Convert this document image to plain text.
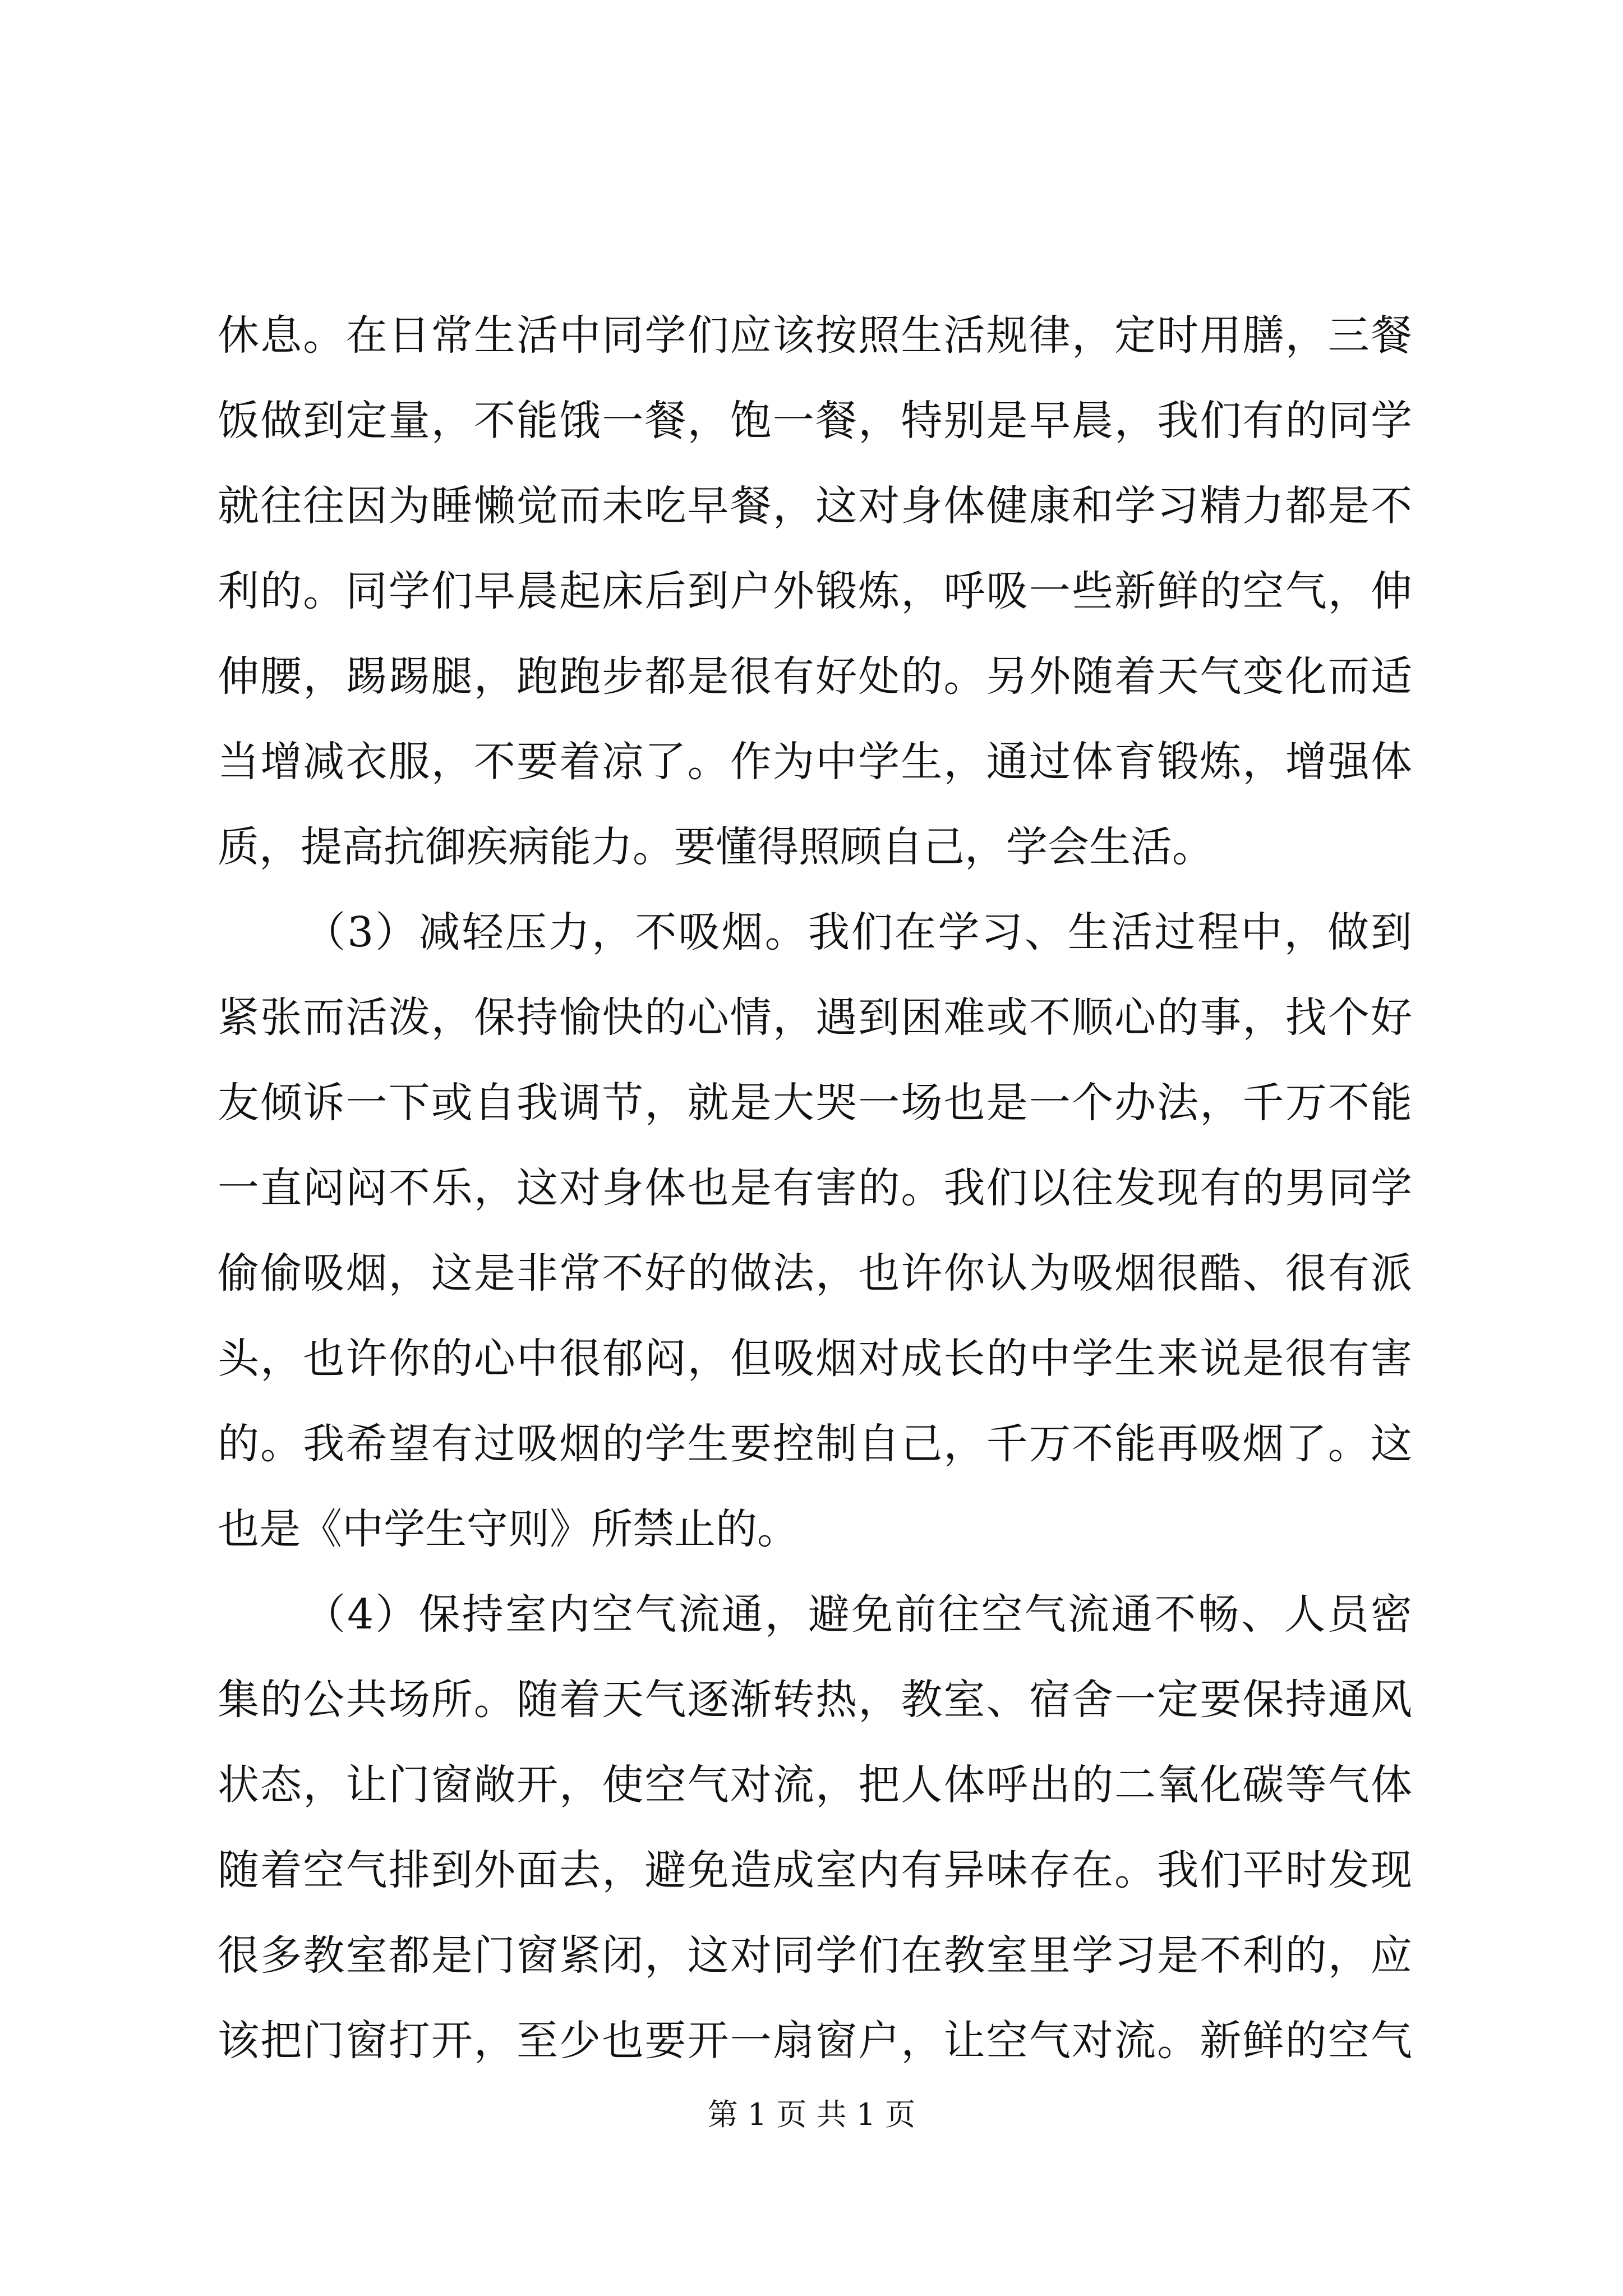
休息。在日常生活中同学们应该按照生活规律，定时用膳，三餐
饭做到定量，不能饿一餐，饱一餐，特别是早晨，我们有的同学
就往往因为睡懒觉而未吃早餐，这对身体健康和学习精力都是不
利的。同学们早晨起床后到户外锻炼，呼吸一些新鲜的空气，伸
伸腰，踢踢腿，跑跑步都是很有好处的。另外随着天气变化而适
当增减衣服，不要着凉了。作为中学生，通过体育锻炼，增强体
质，提高抗御疾病能力。要懂得照顾自己，学会生活。
（3）减轻压力，不吸烟。我们在学习、生活过程中，做到
紧张而活泼，保持愉快的心情，遇到困难或不顺心的事，找个好
友倾诉一下或自我调节，就是大哭一场也是一个办法，千万不能
一直闷闷不乐，这对身体也是有害的。我们以往发现有的男同学
偷偷吸烟，这是非常不好的做法，也许你认为吸烟很酷、很有派
头，也许你的心中很郁闷，但吸烟对成长的中学生来说是很有害
的。我希望有过吸烟的学生要控制自己，千万不能再吸烟了。这
也是《中学生守则》所禁止的。
（4）保持室内空气流通，避免前往空气流通不畅、人员密
集的公共场所。随着天气逐渐转热，教室、宿舍一定要保持通风
状态，让门窗敞开，使空气对流，把人体呼出的二氧化碳等气体
随着空气排到外面去，避免造成室内有异味存在。我们平时发现
很多教室都是门窗紧闭，这对同学们在教室里学习是不利的，应
该把门窗打开，至少也要开一扇窗户，让空气对流。新鲜的空气
第 1 页 共 1 页
